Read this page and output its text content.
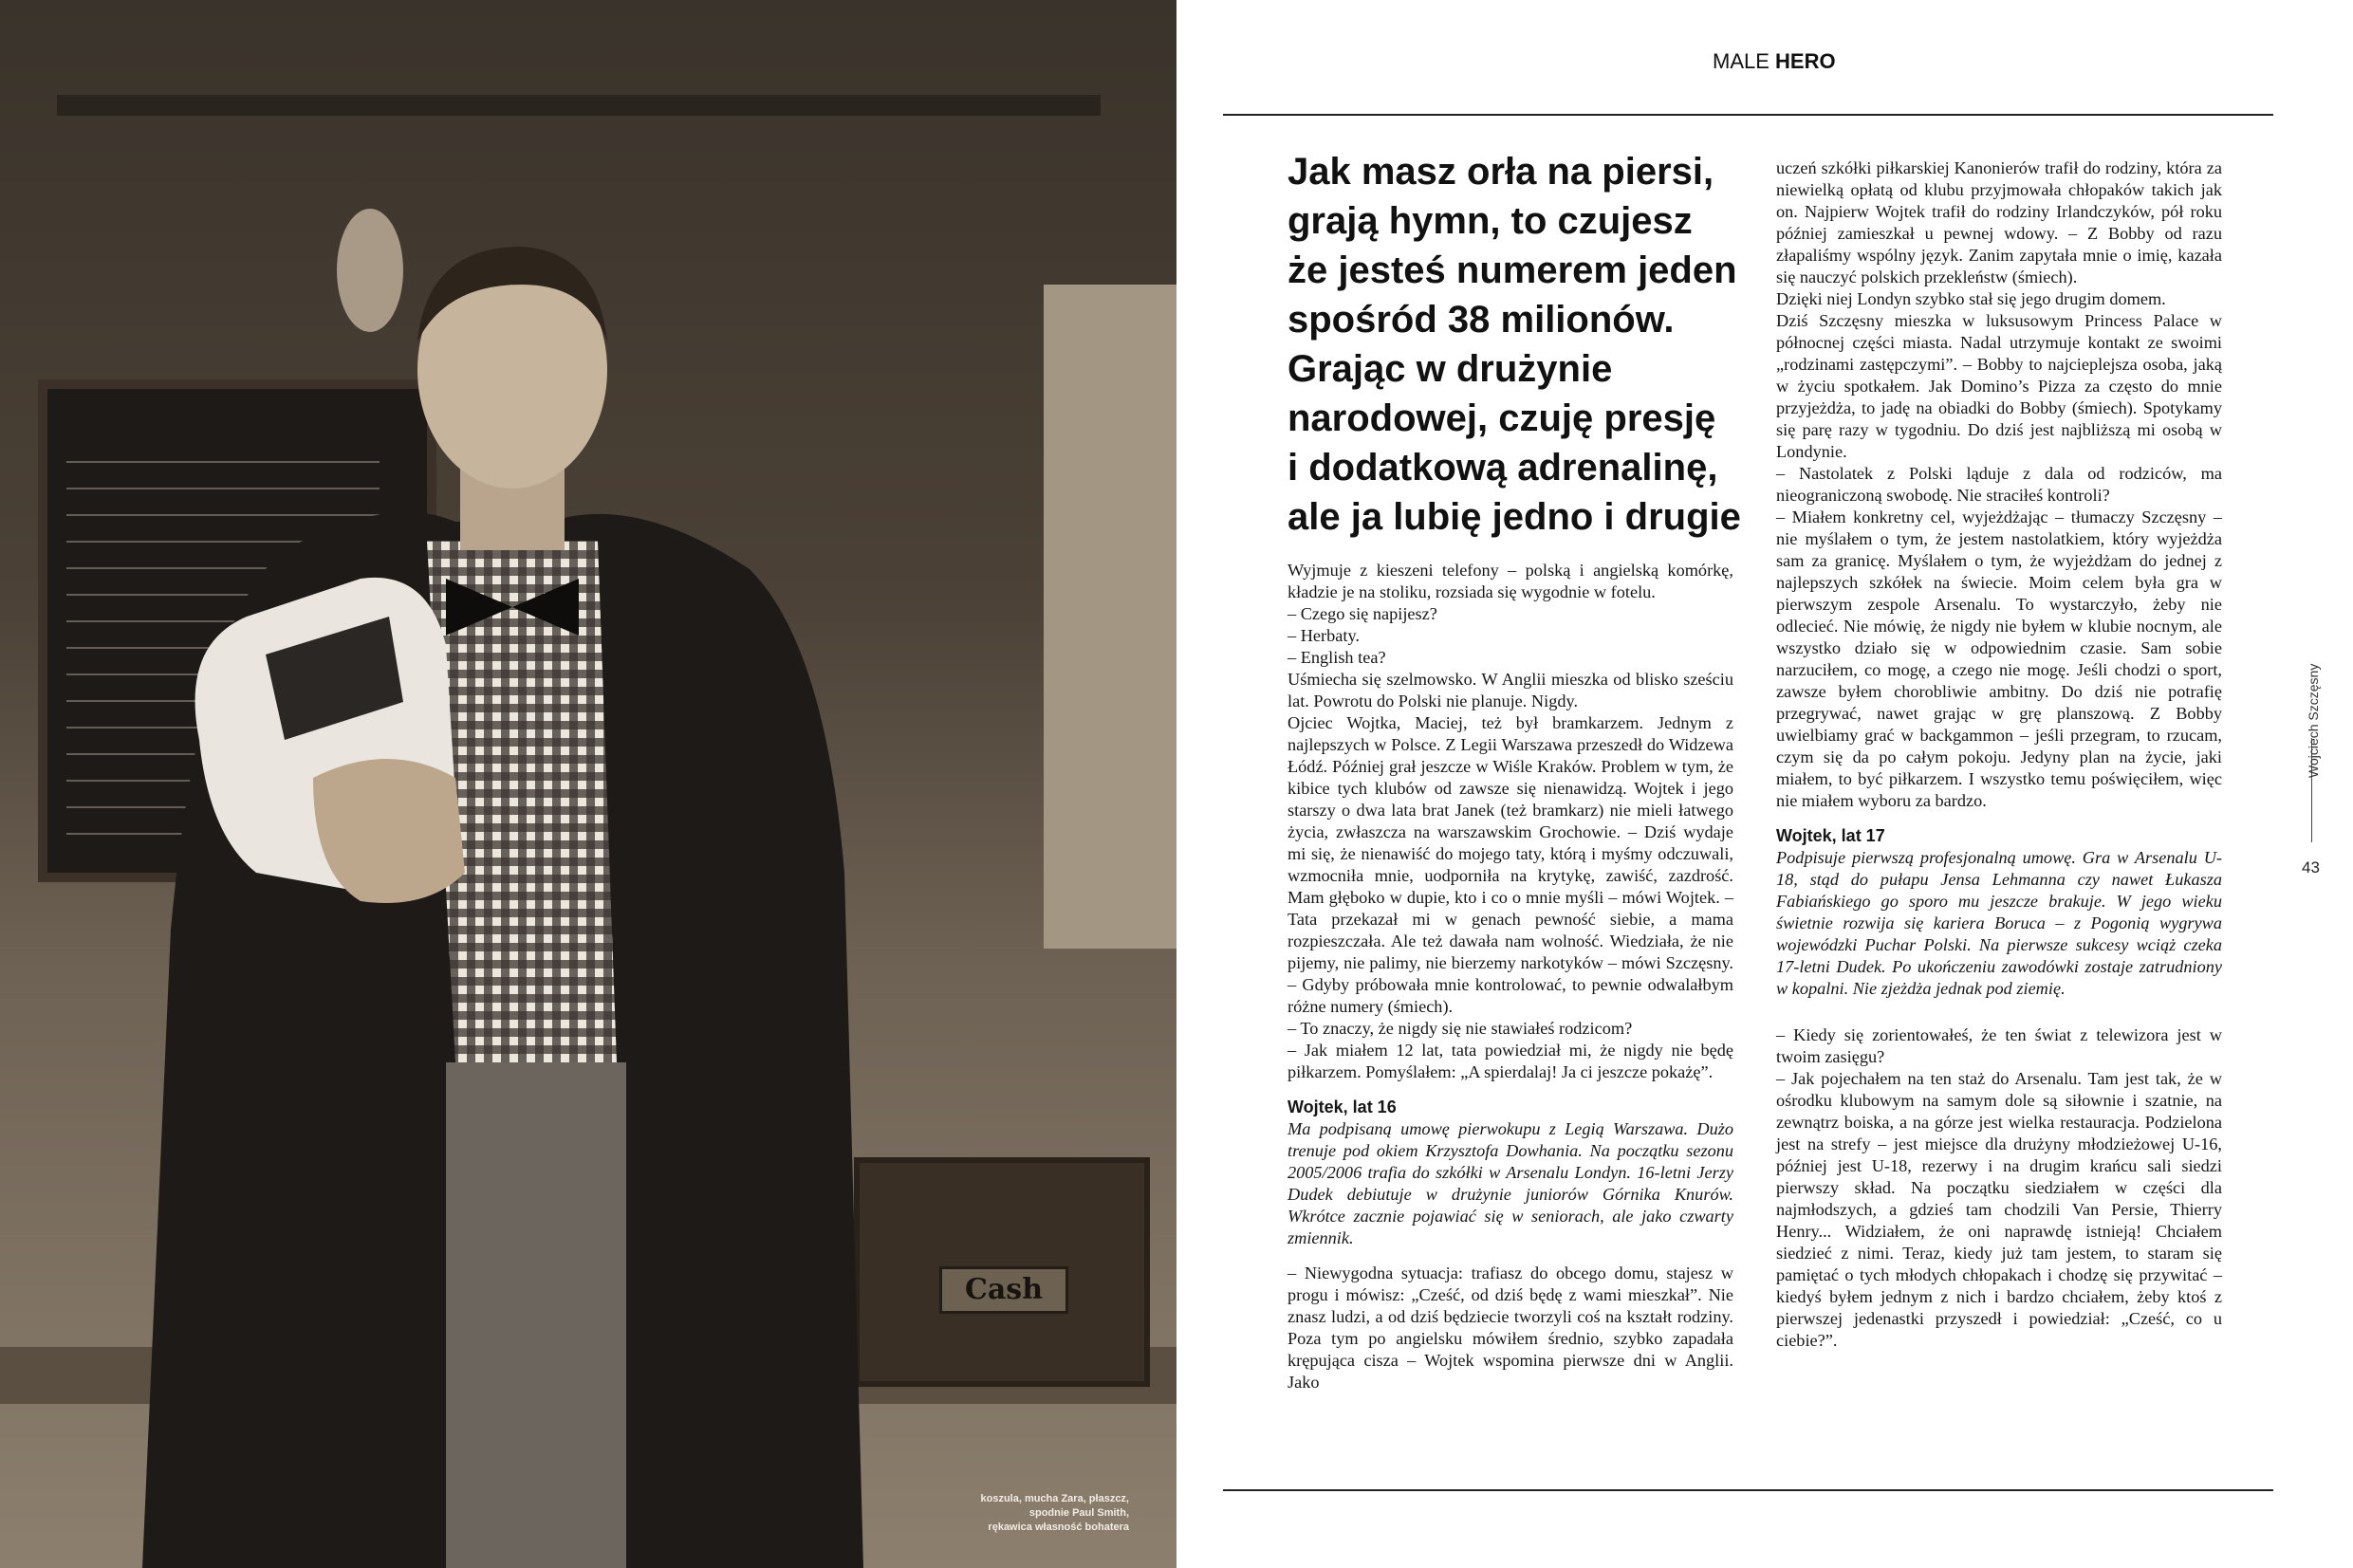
Cash
koszula, mucha Zara, płaszcz,
spodnie Paul Smith,
rękawica własność bohatera
MALE HERO
Jak masz orła na piersi,
grają hymn, to czujesz
że jesteś numerem jeden
spośród 38 milionów.
Grając w drużynie
narodowej, czuję presję
i dodatkową adrenalinę,
ale ja lubię jedno i drugie

Wyjmuje z kieszeni telefony – polską i angielską komórkę, kładzie je na stoliku, rozsiada się wygodnie w fotelu.

– Czego się napijesz?

– Herbaty.

– English tea?

Uśmiecha się szelmowsko. W Anglii mieszka od blisko sześciu lat. Powrotu do Polski nie planuje. Nigdy.

Ojciec Wojtka, Maciej, też był bramkarzem. Jednym z najlepszych w Polsce. Z Legii Warszawa przeszedł do Widzewa Łódź. Później grał jeszcze w Wiśle Kraków. Problem w tym, że kibice tych klubów od zawsze się nienawidzą. Wojtek i jego starszy o dwa lata brat Janek (też bramkarz) nie mieli łatwego życia, zwłaszcza na warszawskim Grochowie. – Dziś wydaje mi się, że nienawiść do mojego taty, którą i myśmy odczuwali, wzmocniła mnie, uodporniła na krytykę, zawiść, zazdrość. Mam głęboko w dupie, kto i co o mnie myśli – mówi Wojtek. – Tata przekazał mi w genach pewność siebie, a mama rozpieszczała. Ale też dawała nam wolność. Wiedziała, że nie pijemy, nie palimy, nie bierzemy narkotyków – mówi Szczęsny. – Gdyby próbowała mnie kontrolować, to pewnie odwalałbym różne numery (śmiech).

– To znaczy, że nigdy się nie stawiałeś rodzicom?

– Jak miałem 12 lat, tata powiedział mi, że nigdy nie będę piłkarzem. Pomyślałem: „A spierdalaj! Ja ci jeszcze pokażę”.

Wojtek, lat 16

Ma podpisaną umowę pierwokupu z Legią Warszawa. Dużo trenuje pod okiem Krzysztofa Dowhania. Na początku sezonu 2005/2006 trafia do szkółki w Arsenalu Londyn. 16-letni Jerzy Dudek debiutuje w drużynie juniorów Górnika Knurów. Wkrótce zacznie pojawiać się w seniorach, ale jako czwarty zmiennik.

– Niewygodna sytuacja: trafiasz do obcego domu, stajesz w progu i mówisz: „Cześć, od dziś będę z wami mieszkał”. Nie znasz ludzi, a od dziś będziecie tworzyli coś na kształt rodziny. Poza tym po angielsku mówiłem średnio, szybko zapadała krępująca cisza – Wojtek wspomina pierwsze dni w Anglii. Jako

uczeń szkółki piłkarskiej Kanonierów trafił do rodziny, która za niewielką opłatą od klubu przyjmowała chłopaków takich jak on. Najpierw Wojtek trafił do rodziny Irlandczyków, pół roku później zamieszkał u pewnej wdowy. – Z Bobby od razu złapaliśmy wspólny język. Zanim zapytała mnie o imię, kazała się nauczyć polskich przekleństw (śmiech).

Dzięki niej Londyn szybko stał się jego drugim domem.

Dziś Szczęsny mieszka w luksusowym Princess Palace w północnej części miasta. Nadal utrzymuje kontakt ze swoimi „rodzinami zastępczymi”. – Bobby to najcieplejsza osoba, jaką w życiu spotkałem. Jak Domino’s Pizza za często do mnie przyjeżdża, to jadę na obiadki do Bobby (śmiech). Spotykamy się parę razy w tygodniu. Do dziś jest najbliższą mi osobą w Londynie.

– Nastolatek z Polski ląduje z dala od rodziców, ma nieograniczoną swobodę. Nie straciłeś kontroli?

– Miałem konkretny cel, wyjeżdżając – tłumaczy Szczęsny – nie myślałem o tym, że jestem nastolatkiem, który wyjeżdża sam za granicę. Myślałem o tym, że wyjeżdżam do jednej z najlepszych szkółek na świecie. Moim celem była gra w pierwszym zespole Arsenalu. To wystarczyło, żeby nie odlecieć. Nie mówię, że nigdy nie byłem w klubie nocnym, ale wszystko działo się w odpowiednim czasie. Sam sobie narzuciłem, co mogę, a czego nie mogę. Jeśli chodzi o sport, zawsze byłem chorobliwie ambitny. Do dziś nie potrafię przegrywać, nawet grając w grę planszową. Z Bobby uwielbiamy grać w backgammon – jeśli przegram, to rzucam, czym się da po całym pokoju. Jedyny plan na życie, jaki miałem, to być piłkarzem. I wszystko temu poświęciłem, więc nie miałem wyboru za bardzo.

Wojtek, lat 17

Podpisuje pierwszą profesjonalną umowę. Gra w Arsenalu U-18, stąd do pułapu Jensa Lehmanna czy nawet Łukasza Fabiańskiego go sporo mu jeszcze brakuje. W jego wieku świetnie rozwija się kariera Boruca – z Pogonią wygrywa wojewódzki Puchar Polski. Na pierwsze sukcesy wciąż czeka 17-letni Dudek. Po ukończeniu zawodówki zostaje zatrudniony w kopalni. Nie zjeżdża jednak pod ziemię.

– Kiedy się zorientowałeś, że ten świat z telewizora jest w twoim zasięgu?

– Jak pojechałem na ten staż do Arsenalu. Tam jest tak, że w ośrodku klubowym na samym dole są siłownie i szatnie, na zewnątrz boiska, a na górze jest wielka restauracja. Podzielona jest na strefy – jest miejsce dla drużyny młodzieżowej U-16, później jest U-18, rezerwy i na drugim krańcu sali siedzi pierwszy skład. Na początku siedziałem w części dla najmłodszych, a gdzieś tam chodzili Van Persie, Thierry Henry... Widziałem, że oni naprawdę istnieją! Chciałem siedzieć z nimi. Teraz, kiedy już tam jestem, to staram się pamiętać o tych młodych chłopakach i chodzę się przywitać – kiedyś byłem jednym z nich i bardzo chciałem, żeby ktoś z pierwszej jedenastki przyszedł i powiedział: „Cześć, co u ciebie?”.

Wojciech Szczęsny
43
